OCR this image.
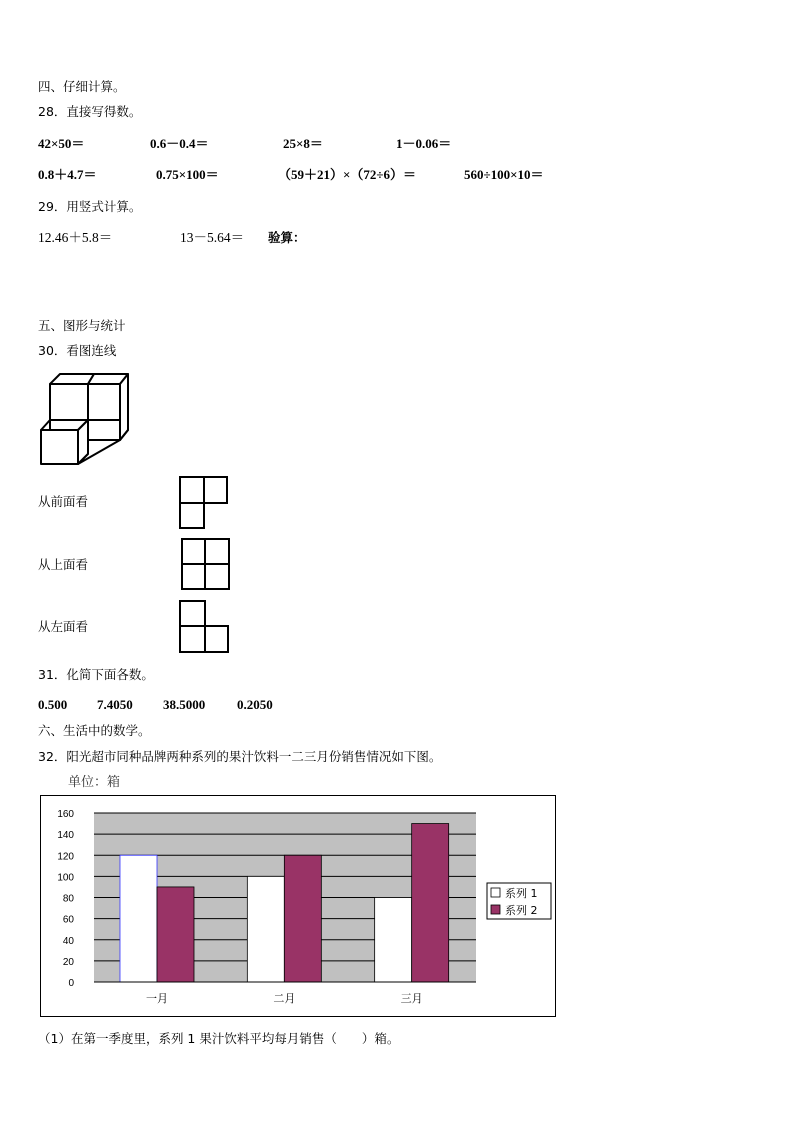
四、仔细计算。
28．直接写得数。
42×50＝	0.6－0.4＝	25×8＝	1－0.06＝
0.8＋4.7＝	0.75×100＝	（59＋21）×（72÷6）＝	560÷100×10＝
29．用竖式计算。
12.46＋5.8＝	13－5.64＝ 验算：
五、图形与统计
30．看图连线
从前面看
从上面看
从左面看
31．化简下面各数。
0.500 7.4050 38.5000 0.2050
六、生活中的数学。
32．阳光超市同种品牌两种系列的果汁饮料一二三月份销售情况如下图。
单位：箱
0
20
40
60
80
100
120
140
160
一月	二月	三月
系列 1
系列 2
（1）在第一季度里，系列 1 果汁饮料平均每月销售（　　）箱。
